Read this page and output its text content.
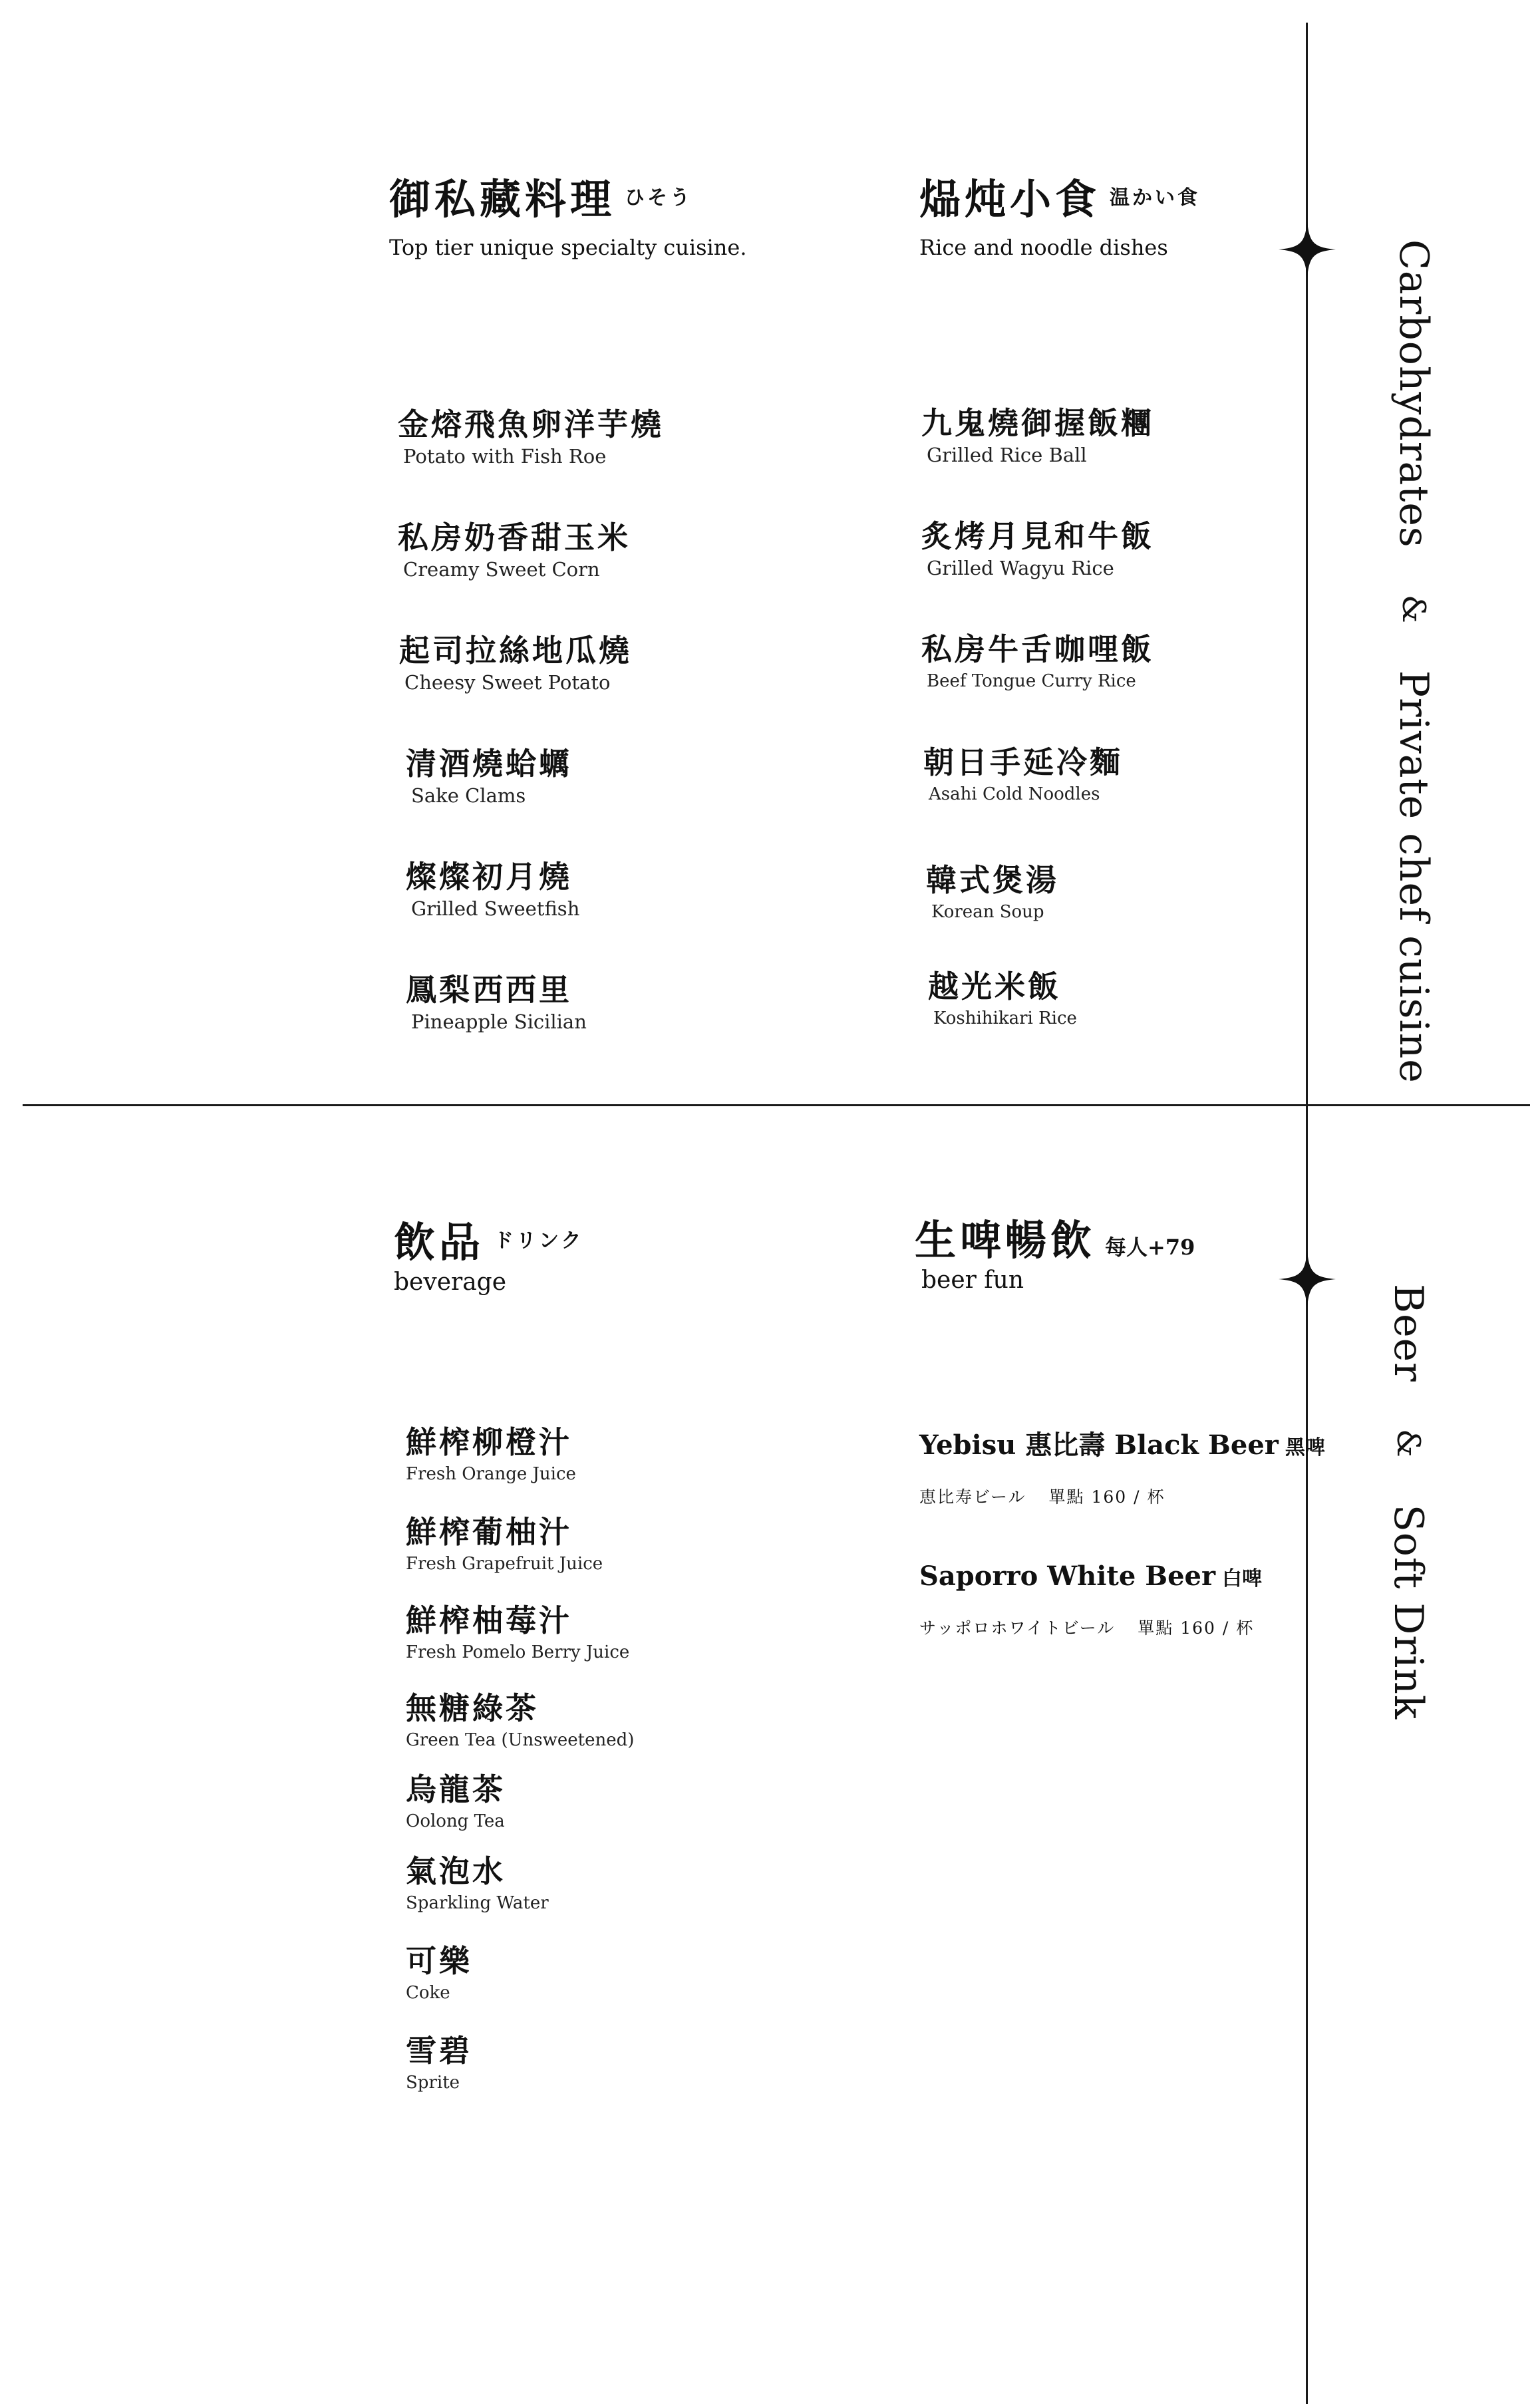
Carbohydrates & Private chef cuisine
Beer & Soft Drink
御私藏料理 $^{ひそう}$
Top tier unique specialty cuisine.
金熔飛魚卵洋芋燒
Potato with Fish Roe
私房奶香甜玉米
Creamy Sweet Corn
起司拉絲地瓜燒
Cheesy Sweet Potato
清酒燒蛤蠣
Sake Clams
燦燦初月燒
Grilled Sweetfish
鳳梨西西里
Pineapple Sicilian
煰炖小食 $^{温かい食}$
Rice and noodle dishes
九鬼燒御握飯糰
Grilled Rice Ball
炙烤月見和牛飯
Grilled Wagyu Rice
私房牛舌咖哩飯
Beef Tongue Curry Rice
朝日手延冷麵
Asahi Cold Noodles
韓式煲湯
Korean Soup
越光米飯
Koshihikari Rice
飲品 $^{ドリンク}$
beverage
鮮榨柳橙汁
Fresh Orange Juice
鮮榨葡柚汁
Fresh Grapefruit Juice
鮮榨柚莓汁
Fresh Pomelo Berry Juice
無糖綠茶
Green Tea (Unsweetened)
烏龍茶
Oolong Tea
氣泡水
Sparkling Water
可樂
Coke
雪碧
Sprite
生啤暢飲 每人+79
beer fun
Yebisu 惠比壽 Black Beer 黑啤
恵比寿ビール 單點 160 / 杯
Saporro White Beer 白啤
サッポロホワイトビール 單點 160 / 杯
